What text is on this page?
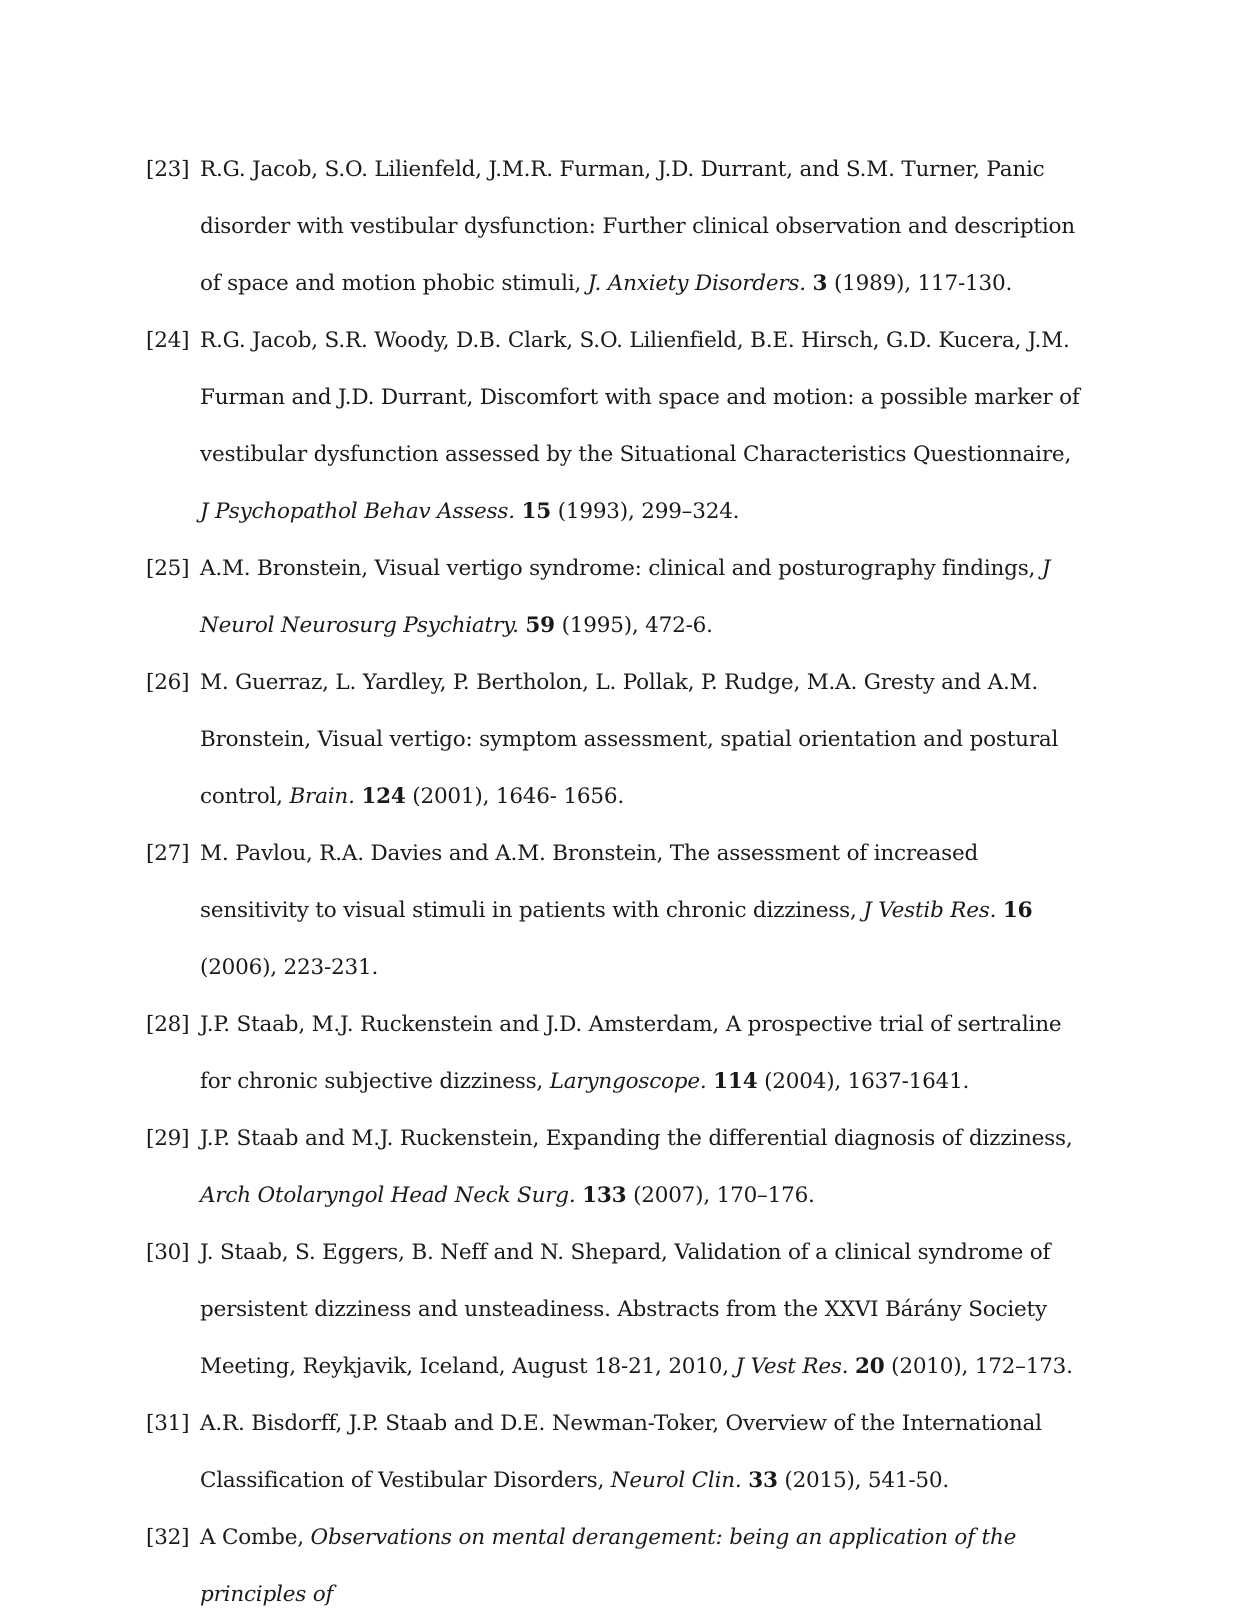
[23] R.G. Jacob, S.O. Lilienfeld, J.M.R. Furman, J.D. Durrant, and S.M. Turner, Panic disorder with vestibular dysfunction: Further clinical observation and description of space and motion phobic stimuli, J. Anxiety Disorders. 3 (1989), 117-130.
[24] R.G. Jacob, S.R. Woody, D.B. Clark, S.O. Lilienfield, B.E. Hirsch, G.D. Kucera, J.M. Furman and J.D. Durrant, Discomfort with space and motion: a possible marker of vestibular dysfunction assessed by the Situational Characteristics Questionnaire, J Psychopathol Behav Assess. 15 (1993), 299–324.
[25] A.M. Bronstein, Visual vertigo syndrome: clinical and posturography findings, J Neurol Neurosurg Psychiatry. 59 (1995), 472-6.
[26] M. Guerraz, L. Yardley, P. Bertholon, L. Pollak, P. Rudge, M.A. Gresty and A.M. Bronstein, Visual vertigo: symptom assessment, spatial orientation and postural control, Brain. 124 (2001), 1646- 1656.
[27] M. Pavlou, R.A. Davies and A.M. Bronstein, The assessment of increased sensitivity to visual stimuli in patients with chronic dizziness, J Vestib Res. 16 (2006), 223-231.
[28] J.P. Staab, M.J. Ruckenstein and J.D. Amsterdam, A prospective trial of sertraline for chronic subjective dizziness, Laryngoscope. 114 (2004), 1637-1641.
[29] J.P. Staab and M.J. Ruckenstein, Expanding the differential diagnosis of dizziness, Arch Otolaryngol Head Neck Surg. 133 (2007), 170–176.
[30] J. Staab, S. Eggers, B. Neff and N. Shepard, Validation of a clinical syndrome of persistent dizziness and unsteadiness. Abstracts from the XXVI Bárány Society Meeting, Reykjavik, Iceland, August 18-21, 2010, J Vest Res. 20 (2010), 172–173.
[31] A.R. Bisdorff, J.P. Staab and D.E. Newman-Toker, Overview of the International Classification of Vestibular Disorders, Neurol Clin. 33 (2015), 541-50.
[32] A Combe, Observations on mental derangement: being an application of the principles of
